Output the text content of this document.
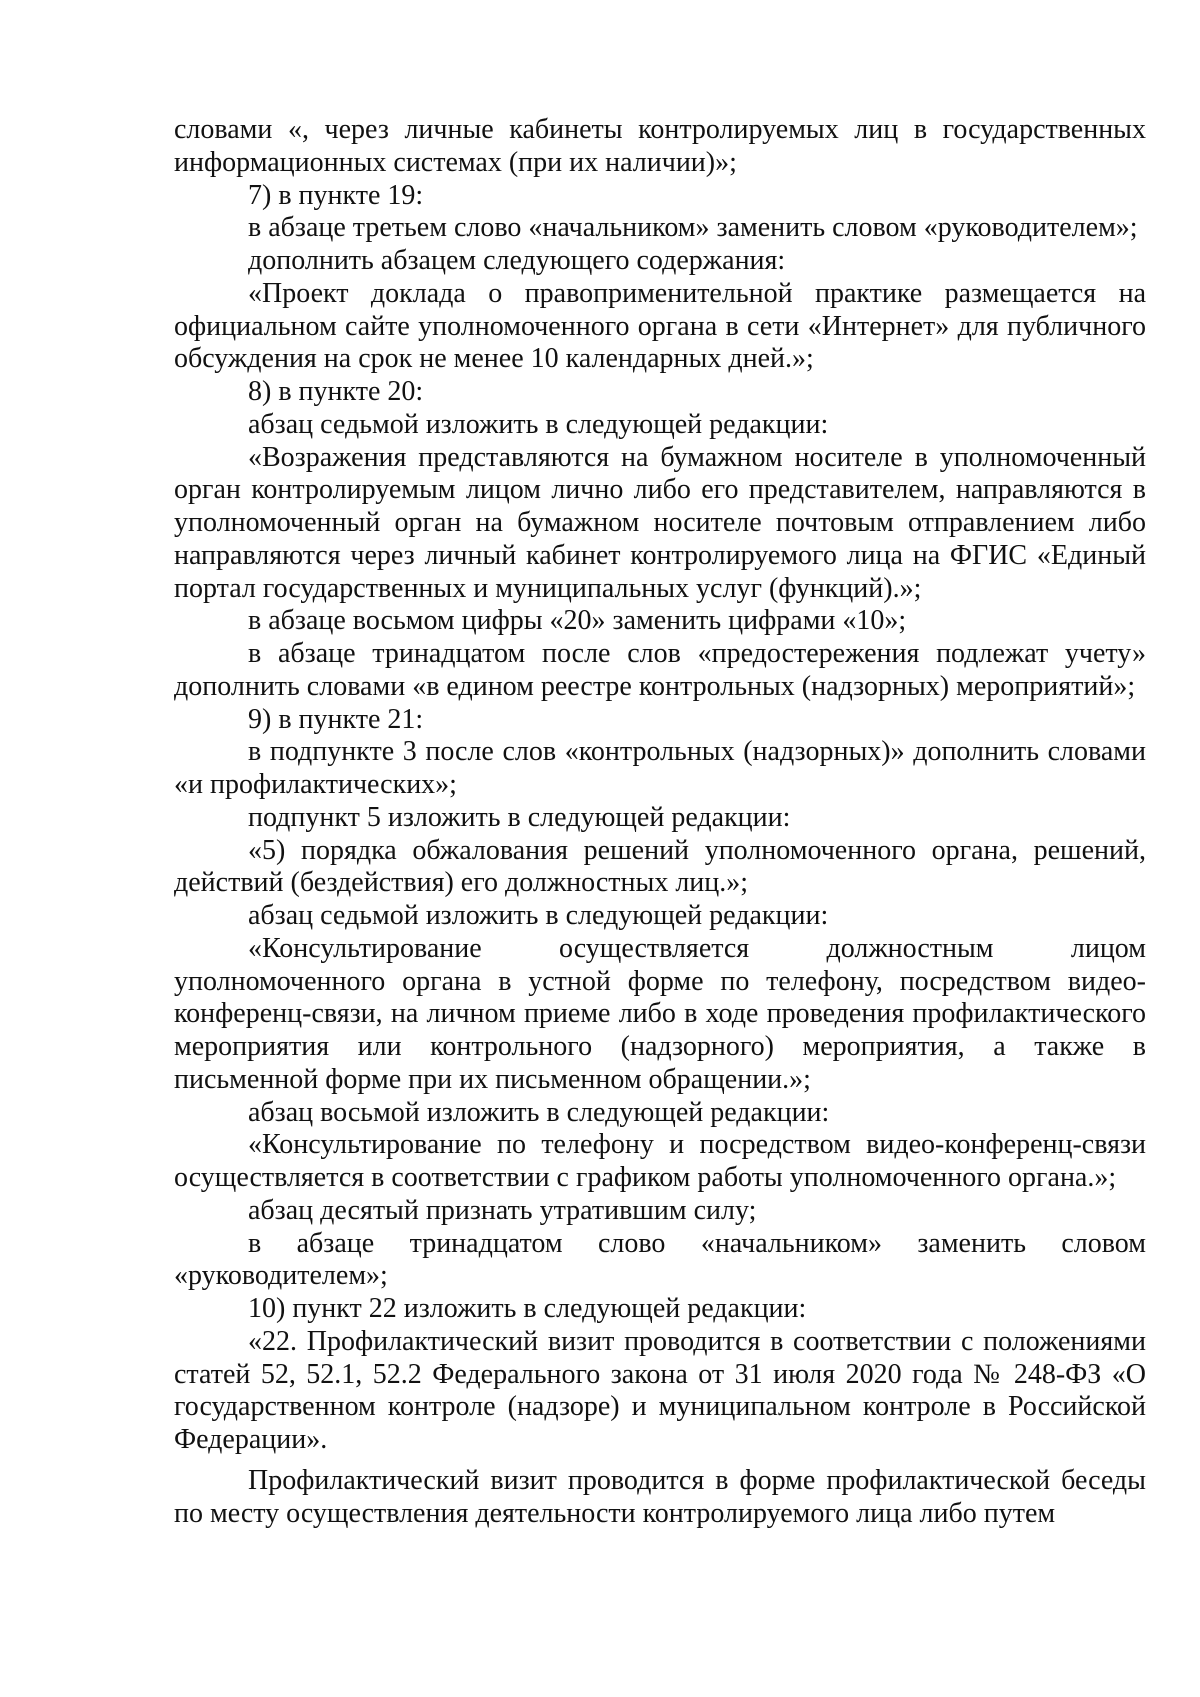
словами «, через личные кабинеты контролируемых лиц в государственных информационных системах (при их наличии)»;

7) в пункте 19:

в абзаце третьем слово «начальником» заменить словом «руководителем»;

дополнить абзацем следующего содержания:

«Проект доклада о правоприменительной практике размещается на официальном сайте уполномоченного органа в сети «Интернет» для публичного обсуждения на срок не менее 10 календарных дней.»;

8) в пункте 20:

абзац седьмой изложить в следующей редакции:

«Возражения представляются на бумажном носителе в уполномоченный орган контролируемым лицом лично либо его представителем, направляются в уполномоченный орган на бумажном носителе почтовым отправлением либо направляются через личный кабинет контролируемого лица на ФГИС «Единый портал государственных и муниципальных услуг (функций).»;

в абзаце восьмом цифры «20» заменить цифрами «10»;

в абзаце тринадцатом после слов «предостережения подлежат учету» дополнить словами «в едином реестре контрольных (надзорных) мероприятий»;

9) в пункте 21:

в подпункте 3 после слов «контрольных (надзорных)» дополнить словами «и профилактических»;

подпункт 5 изложить в следующей редакции:

«5) порядка обжалования решений уполномоченного органа, решений, действий (бездействия) его должностных лиц.»;

абзац седьмой изложить в следующей редакции:

«Консультирование осуществляется должностным лицом уполномоченного органа в устной форме по телефону, посредством видео-конференц-связи, на личном приеме либо в ходе проведения профилактического мероприятия или контрольного (надзорного) мероприятия, а также в письменной форме при их письменном обращении.»;

абзац восьмой изложить в следующей редакции:

«Консультирование по телефону и посредством видео-конференц-связи осуществляется в соответствии с графиком работы уполномоченного органа.»;

абзац десятый признать утратившим силу;

в абзаце тринадцатом слово «начальником» заменить словом «руководителем»;

10) пункт 22 изложить в следующей редакции:

«22. Профилактический визит проводится в соответствии с положениями статей 52, 52.1, 52.2 Федерального закона от 31 июля 2020 года № 248-ФЗ «О государственном контроле (надзоре) и муниципальном контроле в Российской Федерации».

Профилактический визит проводится в форме профилактической беседы по месту осуществления деятельности контролируемого лица либо путем
